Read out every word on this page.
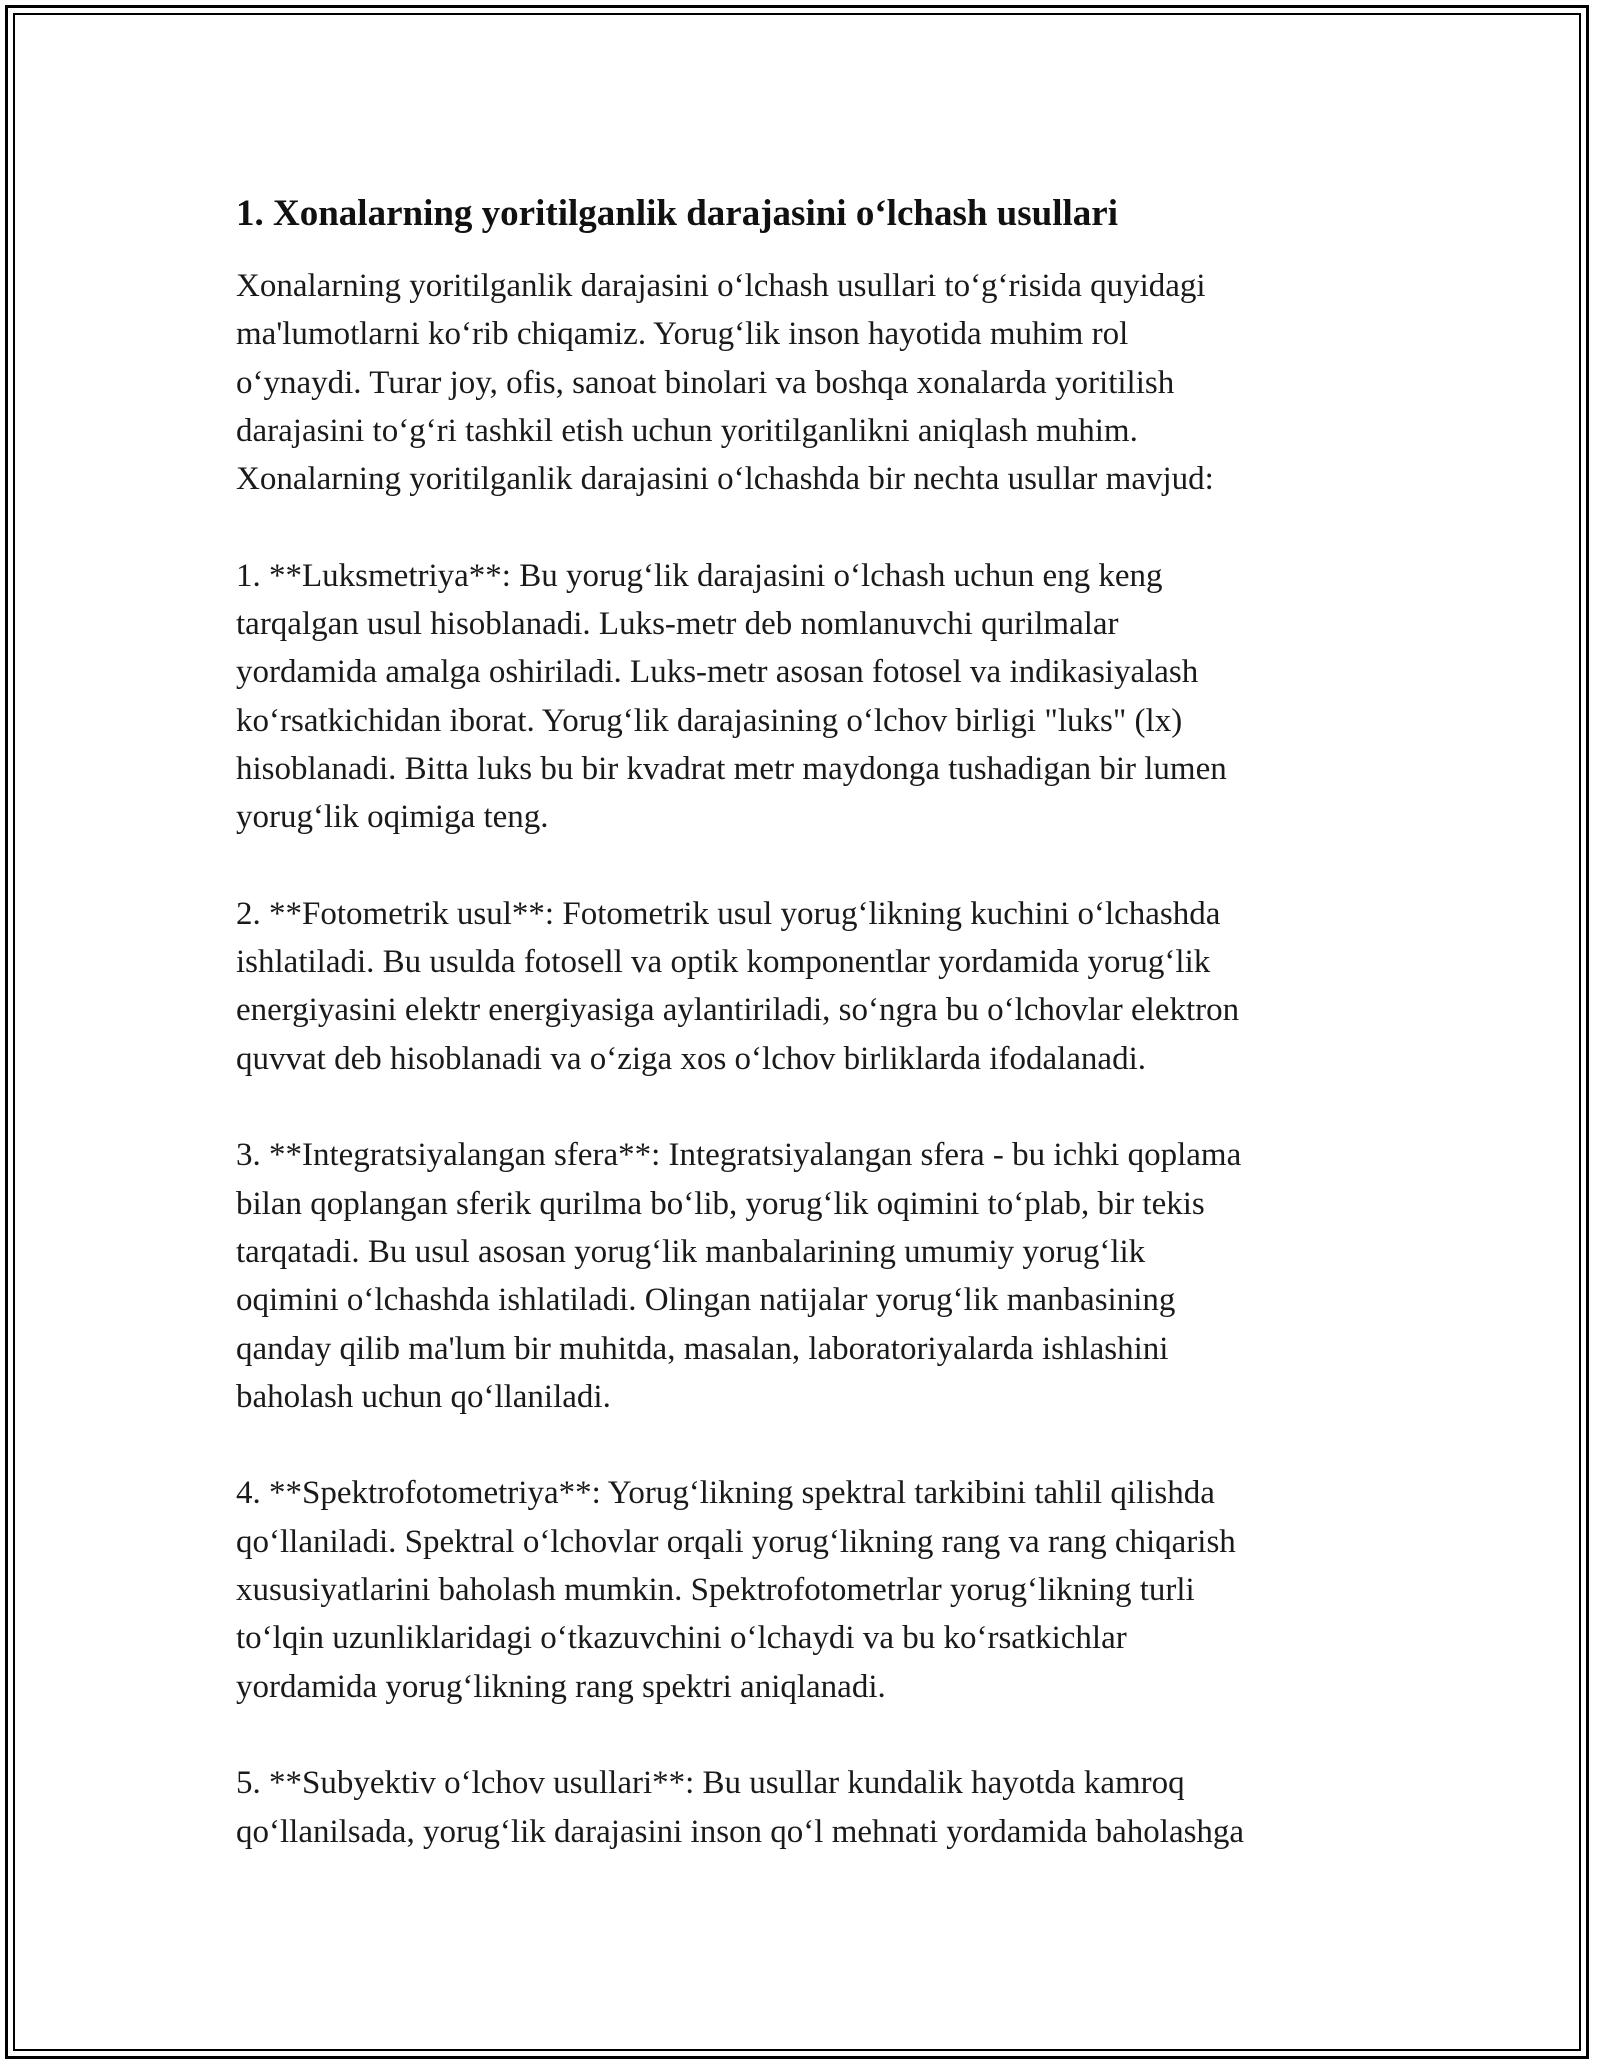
1. Xonalarning yoritilganlik darajasini o‘lchash usullari
Xonalarning yoritilganlik darajasini o‘lchash usullari to‘g‘risida quyidagi
ma'lumotlarni ko‘rib chiqamiz. Yorug‘lik inson hayotida muhim rol
o‘ynaydi. Turar joy, ofis, sanoat binolari va boshqa xonalarda yoritilish
darajasini to‘g‘ri tashkil etish uchun yoritilganlikni aniqlash muhim.
Xonalarning yoritilganlik darajasini o‘lchashda bir nechta usullar mavjud:

1. **Luksmetriya**: Bu yorug‘lik darajasini o‘lchash uchun eng keng
tarqalgan usul hisoblanadi. Luks-metr deb nomlanuvchi qurilmalar
yordamida amalga oshiriladi. Luks-metr asosan fotosel va indikasiyalash
ko‘rsatkichidan iborat. Yorug‘lik darajasining o‘lchov birligi "luks" (lx)
hisoblanadi. Bitta luks bu bir kvadrat metr maydonga tushadigan bir lumen
yorug‘lik oqimiga teng.

2. **Fotometrik usul**: Fotometrik usul yorug‘likning kuchini o‘lchashda
ishlatiladi. Bu usulda fotosell va optik komponentlar yordamida yorug‘lik
energiyasini elektr energiyasiga aylantiriladi, so‘ngra bu o‘lchovlar elektron
quvvat deb hisoblanadi va o‘ziga xos o‘lchov birliklarda ifodalanadi.

3. **Integratsiyalangan sfera**: Integratsiyalangan sfera - bu ichki qoplama
bilan qoplangan sferik qurilma bo‘lib, yorug‘lik oqimini to‘plab, bir tekis
tarqatadi. Bu usul asosan yorug‘lik manbalarining umumiy yorug‘lik
oqimini o‘lchashda ishlatiladi. Olingan natijalar yorug‘lik manbasining
qanday qilib ma'lum bir muhitda, masalan, laboratoriyalarda ishlashini
baholash uchun qo‘llaniladi.

4. **Spektrofotometriya**: Yorug‘likning spektral tarkibini tahlil qilishda
qo‘llaniladi. Spektral o‘lchovlar orqali yorug‘likning rang va rang chiqarish
xususiyatlarini baholash mumkin. Spektrofotometrlar yorug‘likning turli
to‘lqin uzunliklaridagi o‘tkazuvchini o‘lchaydi va bu ko‘rsatkichlar
yordamida yorug‘likning rang spektri aniqlanadi.

5. **Subyektiv o‘lchov usullari**: Bu usullar kundalik hayotda kamroq
qo‘llanilsada, yorug‘lik darajasini inson qo‘l mehnati yordamida baholashga
